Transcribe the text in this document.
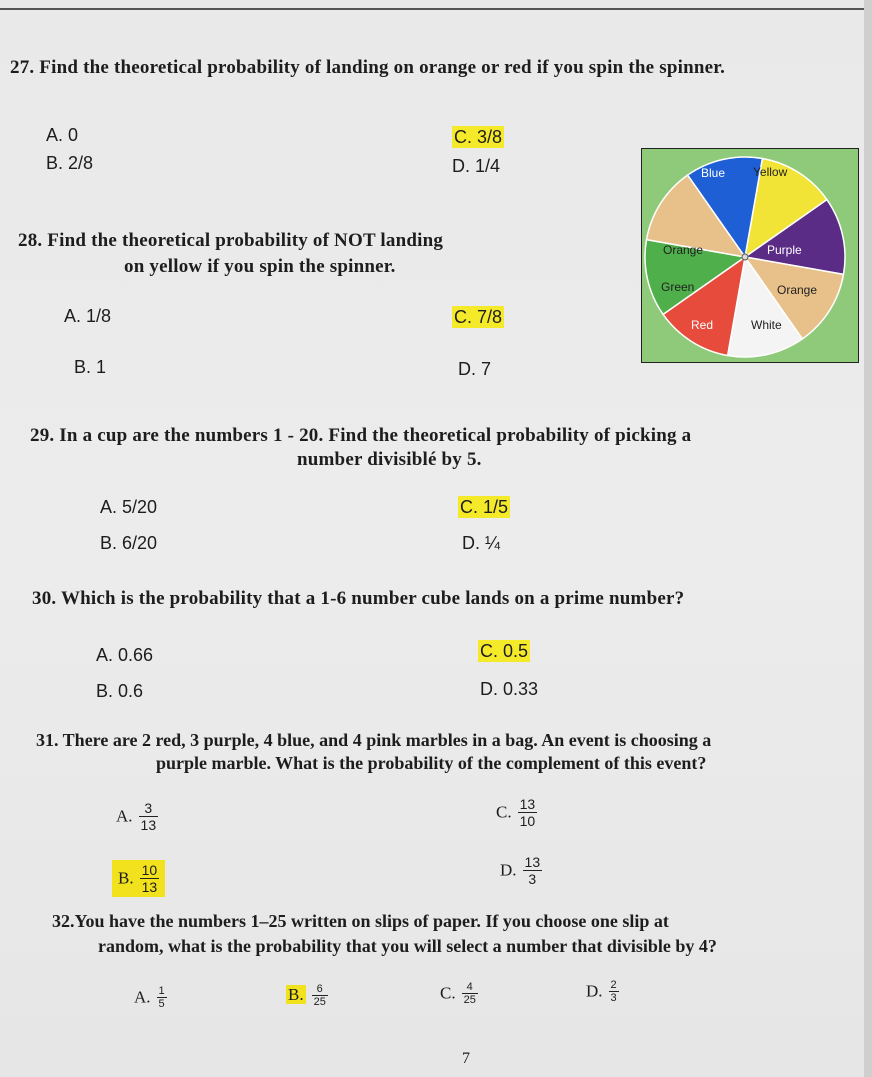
27. Find the theoretical probability of landing on orange or red if you spin the spinner.
A. 0
B. 2/8
C. 3/8
D. 1/4	Blue Yellow
Orange	Purple
Green	Orange
Red	White
28. Find the theoretical probability of NOT landing
on yellow if you spin the spinner.
A. 1/8
B. 1
C. 7/8
D. 7
29. In a cup are the numbers 1 - 20. Find the theoretical probability of picking a
number divisiblé by 5.
A. 5/20
B. 6/20
C. 1/5
D. ¼
30. Which is the probability that a 1-6 number cube lands on a prime number?
A. 0.66
B. 0.6
C. 0.5
D. 0.33
31. There are 2 red, 3 purple, 4 blue, and 4 pink marbles in a bag. An event is choosing a
purple marble. What is the probability of the complement of this event?
A. $\frac{3}{13}$
B. $\frac{10}{13}$
C. $\frac{13}{10}$
D. $\frac{13}{3}$
32.You have the numbers 1–25 written on slips of paper. If you choose one slip at
random, what is the probability that you will select a number that divisible by 4?
A. $\frac{1}{5}$	B. $\frac{6}{25}$	C. $\frac{4}{25}$	D. $\frac{2}{3}$
7
